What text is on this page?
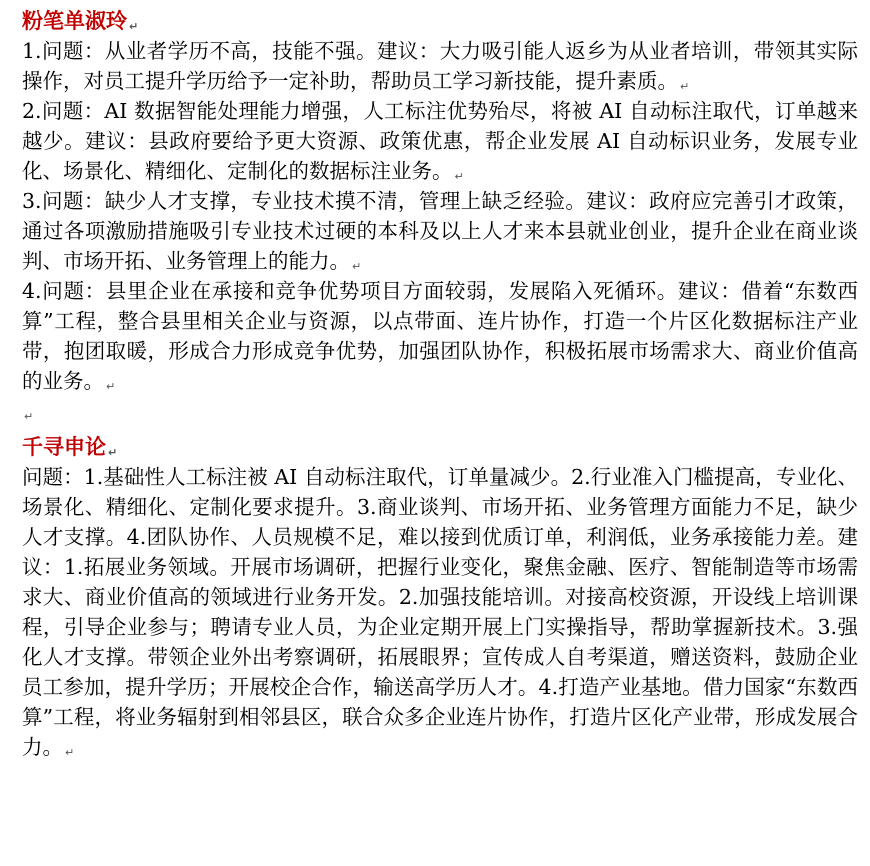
粉笔单淑玲 ↵

1.问题：从业者学历不高，技能不强。建议：大力吸引能人返乡为从业者培训，带领其实际操作，对员工提升学历给予一定补助，帮助员工学习新技能，提升素质。 ↵

2.问题：AI 数据智能处理能力增强，人工标注优势殆尽，将被 AI 自动标注取代，订单越来越少。建议：县政府要给予更大资源、政策优惠，帮企业发展 AI 自动标识业务，发展专业化、场景化、精细化、定制化的数据标注业务。 ↵

3.问题：缺少人才支撑，专业技术摸不清，管理上缺乏经验。建议：政府应完善引才政策，通过各项激励措施吸引专业技术过硬的本科及以上人才来本县就业创业，提升企业在商业谈判、市场开拓、业务管理上的能力。 ↵

4.问题：县里企业在承接和竞争优势项目方面较弱，发展陷入死循环。建议：借着“东数西算”工程，整合县里相关企业与资源，以点带面、连片协作，打造一个片区化数据标注产业带，抱团取暖，形成合力形成竞争优势，加强团队协作，积极拓展市场需求大、商业价值高的业务。 ↵

↵
千寻申论 ↵

问题：1.基础性人工标注被 AI 自动标注取代，订单量减少。2.行业准入门槛提高，专业化、场景化、精细化、定制化要求提升。3.商业谈判、市场开拓、业务管理方面能力不足，缺少人才支撑。4.团队协作、人员规模不足，难以接到优质订单，利润低，业务承接能力差。建议：1.拓展业务领域。开展市场调研，把握行业变化，聚焦金融、医疗、智能制造等市场需求大、商业价值高的领域进行业务开发。2.加强技能培训。对接高校资源，开设线上培训课程，引导企业参与；聘请专业人员，为企业定期开展上门实操指导，帮助掌握新技术。3.强化人才支撑。带领企业外出考察调研，拓展眼界；宣传成人自考渠道，赠送资料，鼓励企业员工参加，提升学历；开展校企合作，输送高学历人才。4.打造产业基地。借力国家“东数西算”工程，将业务辐射到相邻县区，联合众多企业连片协作，打造片区化产业带，形成发展合力。 ↵
